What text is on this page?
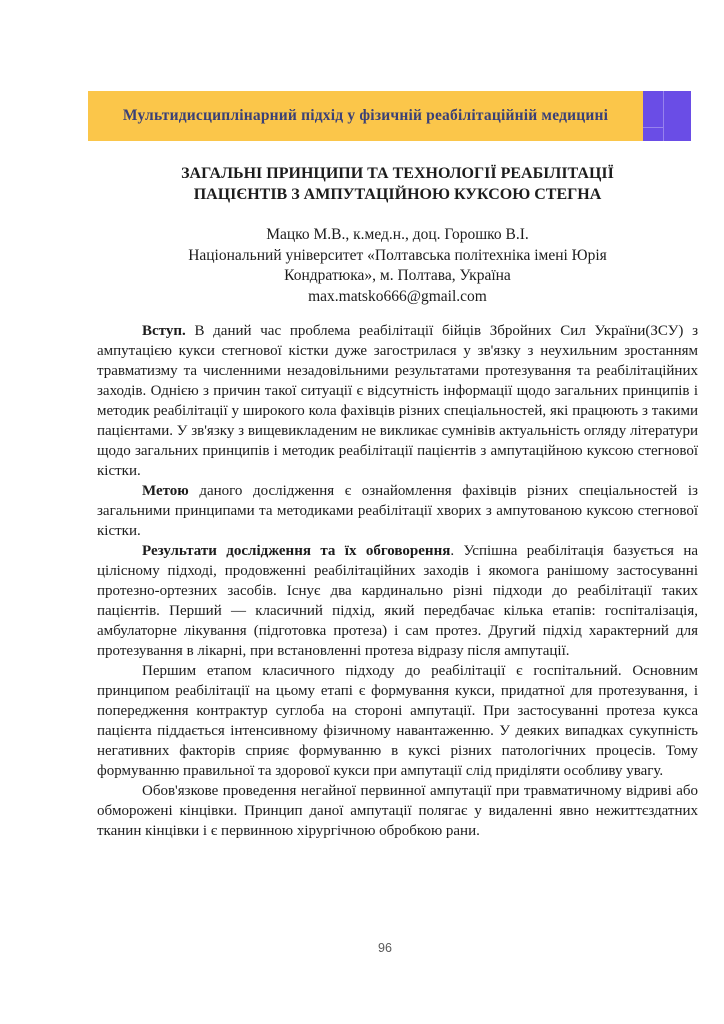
Мультидисциплінарний підхід у фізичній реабілітаційній медицині
ЗАГАЛЬНІ ПРИНЦИПИ ТА ТЕХНОЛОГІЇ РЕАБІЛІТАЦІЇ ПАЦІЄНТІВ З АМПУТАЦІЙНОЮ КУКСОЮ СТЕГНА
Мацко М.В., к.мед.н., доц. Горошко В.І.
Національний університет «Полтавська політехніка імені Юрія Кондратюка», м. Полтава, Україна
max.matsko666@gmail.com

Вступ. В даний час проблема реабілітації бійців Збройних Сил України(ЗСУ) з ампутацією кукси стегнової кістки дуже загострилася у зв'язку з неухильним зростанням травматизму та численними незадовільними результатами протезування та реабілітаційних заходів. Однією з причин такої ситуації є відсутність інформації щодо загальних принципів і методик реабілітації у широкого кола фахівців різних спеціальностей, які працюють з такими пацієнтами. У зв'язку з вищевикладеним не викликає сумнівів актуальність огляду літератури щодо загальних принципів і методик реабілітації пацієнтів з ампутаційною куксою стегнової кістки.

Метою даного дослідження є ознайомлення фахівців різних спеціальностей із загальними принципами та методиками реабілітації хворих з ампутованою куксою стегнової кістки.

Результати дослідження та їх обговорення. Успішна реабілітація базується на цілісному підході, продовженні реабілітаційних заходів і якомога ранішому застосуванні протезно-ортезних засобів. Існує два кардинально різні підходи до реабілітації таких пацієнтів. Перший — класичний підхід, який передбачає кілька етапів: госпіталізація, амбулаторне лікування (підготовка протеза) і сам протез. Другий підхід характерний для протезування в лікарні, при встановленні протеза відразу після ампутації.

Першим етапом класичного підходу до реабілітації є госпітальний. Основним принципом реабілітації на цьому етапі є формування кукси, придатної для протезування, і попередження контрактур суглоба на стороні ампутації. При застосуванні протеза кукса пацієнта піддається інтенсивному фізичному навантаженню. У деяких випадках сукупність негативних факторів сприяє формуванню в куксі різних патологічних процесів. Тому формуванню правильної та здорової кукси при ампутації слід приділяти особливу увагу.

Обов'язкове проведення негайної первинної ампутації при травматичному відриві або обморожені кінцівки. Принцип даної ампутації полягає у видаленні явно нежиттєздатних тканин кінцівки і є первинною хірургічною обробкою рани.

96
